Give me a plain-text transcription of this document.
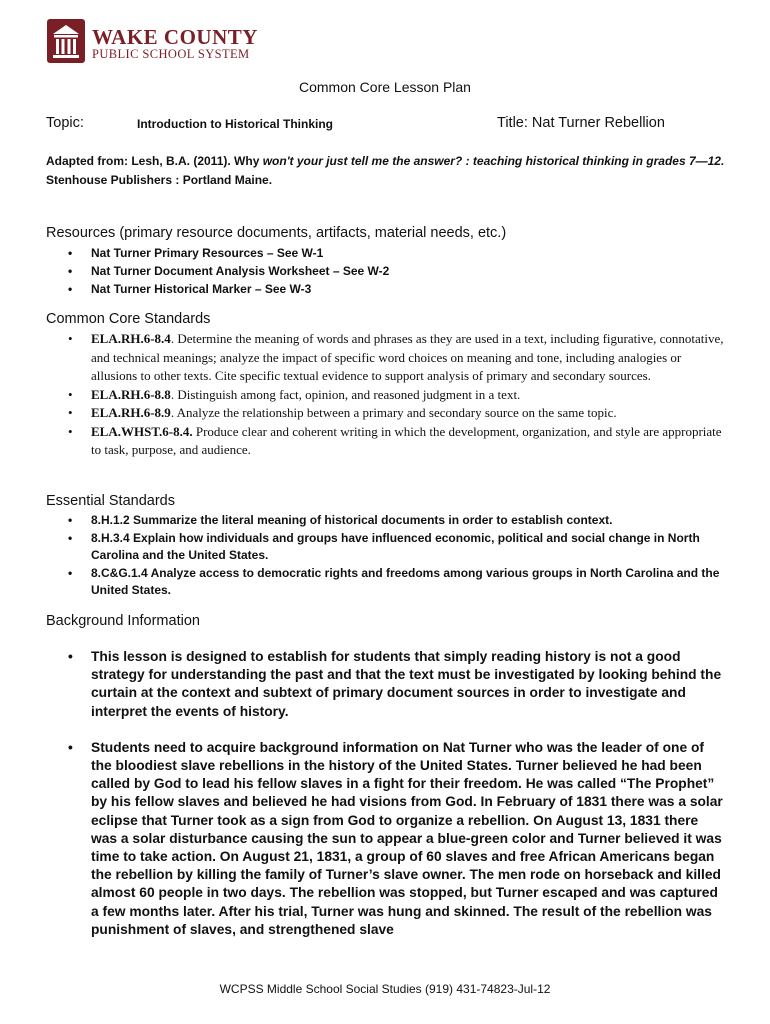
WAKE COUNTY
PUBLIC SCHOOL SYSTEM
Common Core Lesson Plan
Topic:	Introduction to Historical Thinking	Title: Nat Turner Rebellion
Adapted from: Lesh, B.A. (2011). Why won't your just tell me the answer? : teaching historical thinking in grades 7—12. Stenhouse Publishers : Portland Maine.
Resources (primary resource documents, artifacts, material needs, etc.)
• Nat Turner Primary Resources – See W-1
• Nat Turner Document Analysis Worksheet – See W-2
• Nat Turner Historical Marker – See W-3
Common Core Standards
• ELA.RH.6-8.4. Determine the meaning of words and phrases as they are used in a text, including figurative, connotative, and technical meanings; analyze the impact of specific word choices on meaning and tone, including analogies or allusions to other texts. Cite specific textual evidence to support analysis of primary and secondary sources.
• ELA.RH.6-8.8. Distinguish among fact, opinion, and reasoned judgment in a text.
• ELA.RH.6-8.9. Analyze the relationship between a primary and secondary source on the same topic.
• ELA.WHST.6-8.4. Produce clear and coherent writing in which the development, organization, and style are appropriate to task, purpose, and audience.
Essential Standards
• 8.H.1.2 Summarize the literal meaning of historical documents in order to establish context.
• 8.H.3.4 Explain how individuals and groups have influenced economic, political and social change in North Carolina and the United States.
• 8.C&G.1.4 Analyze access to democratic rights and freedoms among various groups in North Carolina and the United States.
Background Information
• This lesson is designed to establish for students that simply reading history is not a good strategy for understanding the past and that the text must be investigated by looking behind the curtain at the context and subtext of primary document sources in order to investigate and interpret the events of history.
• Students need to acquire background information on Nat Turner who was the leader of one of the bloodiest slave rebellions in the history of the United States. Turner believed he had been called by God to lead his fellow slaves in a fight for their freedom. He was called “The Prophet” by his fellow slaves and believed he had visions from God. In February of 1831 there was a solar eclipse that Turner took as a sign from God to organize a rebellion. On August 13, 1831 there was a solar disturbance causing the sun to appear a blue-green color and Turner believed it was time to take action. On August 21, 1831, a group of 60 slaves and free African Americans began the rebellion by killing the family of Turner’s slave owner. The men rode on horseback and killed almost 60 people in two days. The rebellion was stopped, but Turner escaped and was captured a few months later. After his trial, Turner was hung and skinned. The result of the rebellion was punishment of slaves, and strengthened slave
WCPSS Middle School Social Studies (919) 431-74823-Jul-12
